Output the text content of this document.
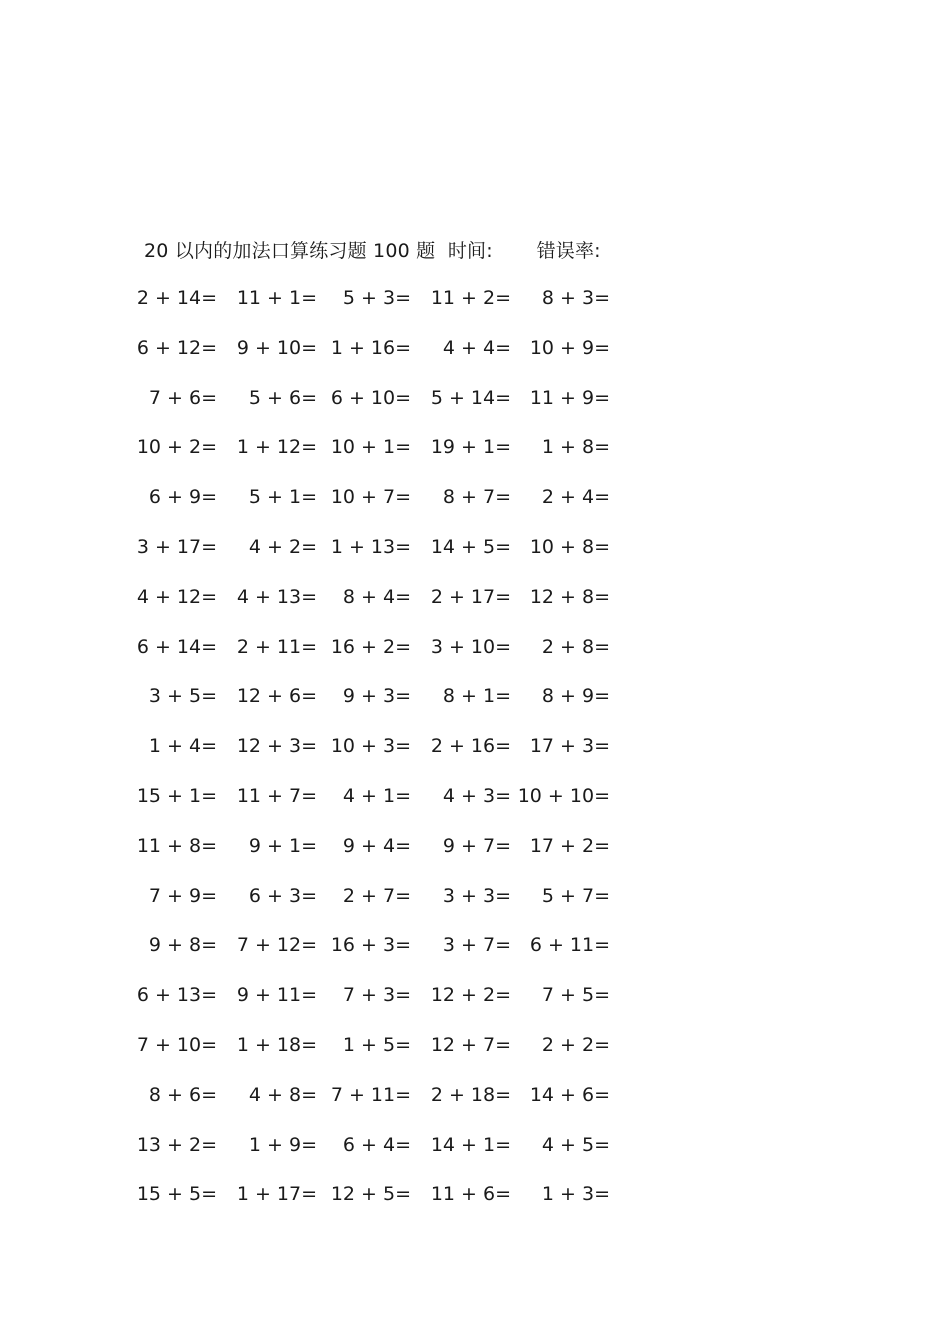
20 以内的加法口算练习题 100 题 时间: 错误率:
2 + 14= 11 + 1= 5 + 3= 11 + 2= 8 + 3=
6 + 12= 9 + 10= 1 + 16= 4 + 4= 10 + 9=
7 + 6= 5 + 6= 6 + 10= 5 + 14= 11 + 9=
10 + 2= 1 + 12= 10 + 1= 19 + 1= 1 + 8=
6 + 9= 5 + 1= 10 + 7= 8 + 7= 2 + 4=
3 + 17= 4 + 2= 1 + 13= 14 + 5= 10 + 8=
4 + 12= 4 + 13= 8 + 4= 2 + 17= 12 + 8=
6 + 14= 2 + 11= 16 + 2= 3 + 10= 2 + 8=
3 + 5= 12 + 6= 9 + 3= 8 + 1= 8 + 9=
1 + 4= 12 + 3= 10 + 3= 2 + 16= 17 + 3=
15 + 1= 11 + 7= 4 + 1= 4 + 3= 10 + 10=
11 + 8= 9 + 1= 9 + 4= 9 + 7= 17 + 2=
7 + 9= 6 + 3= 2 + 7= 3 + 3= 5 + 7=
9 + 8= 7 + 12= 16 + 3= 3 + 7= 6 + 11=
6 + 13= 9 + 11= 7 + 3= 12 + 2= 7 + 5=
7 + 10= 1 + 18= 1 + 5= 12 + 7= 2 + 2=
8 + 6= 4 + 8= 7 + 11= 2 + 18= 14 + 6=
13 + 2= 1 + 9= 6 + 4= 14 + 1= 4 + 5=
15 + 5= 1 + 17= 12 + 5= 11 + 6= 1 + 3=
